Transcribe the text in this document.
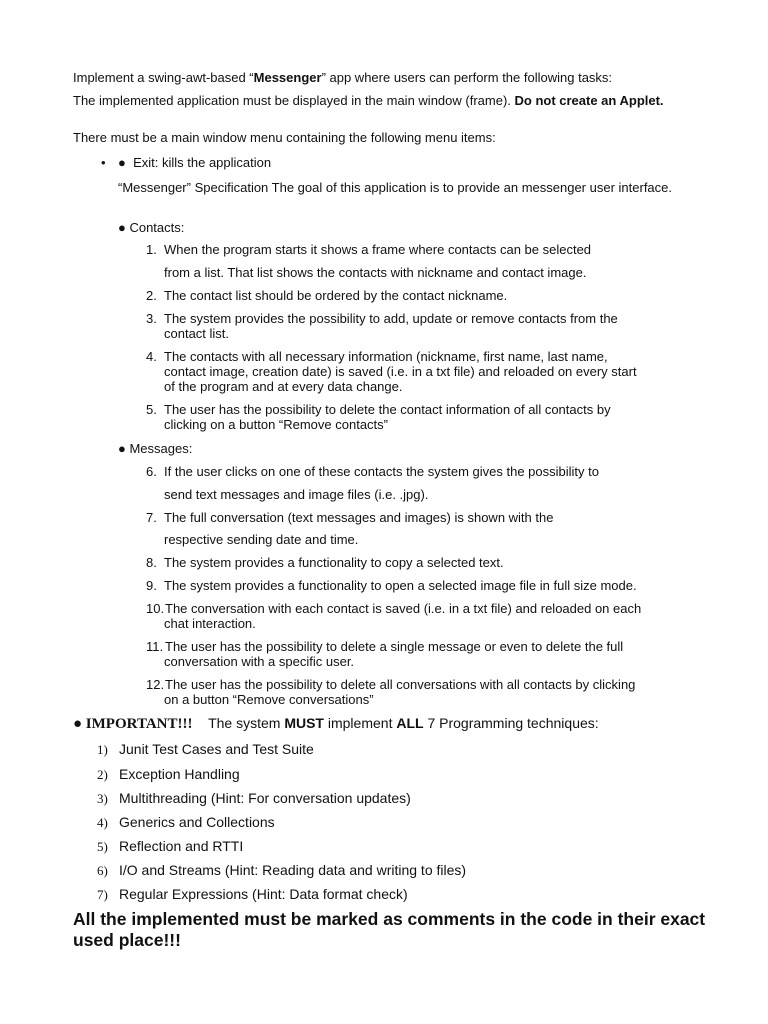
Implement a swing-awt-based “Messenger” app where users can perform the following tasks:
The implemented application must be displayed in the main window (frame). Do not create an Applet.
There must be a main window menu containing the following menu items:
• ● Exit: kills the application
“Messenger” Specification The goal of this application is to provide an messenger user interface.
● Contacts:
1. When the program starts it shows a frame where contacts can be selected
from a list. That list shows the contacts with nickname and contact image.
2. The contact list should be ordered by the contact nickname.
3. The system provides the possibility to add, update or remove contacts from the
contact list.
4. The contacts with all necessary information (nickname, first name, last name,
contact image, creation date) is saved (i.e. in a txt file) and reloaded on every start
of the program and at every data change.
5. The user has the possibility to delete the contact information of all contacts by
clicking on a button “Remove contacts”
● Messages:
6. If the user clicks on one of these contacts the system gives the possibility to
send text messages and image files (i.e. .jpg).
7. The full conversation (text messages and images) is shown with the
respective sending date and time.
8. The system provides a functionality to copy a selected text.
9. The system provides a functionality to open a selected image file in full size mode.
10. The conversation with each contact is saved (i.e. in a txt file) and reloaded on each
chat interaction.
11. The user has the possibility to delete a single message or even to delete the full
conversation with a specific user.
12. The user has the possibility to delete all conversations with all contacts by clicking
on a button “Remove conversations”
● IMPORTANT!!! The system MUST implement ALL 7 Programming techniques:
1) Junit Test Cases and Test Suite
2) Exception Handling
3) Multithreading (Hint: For conversation updates)
4) Generics and Collections
5) Reflection and RTTI
6) I/O and Streams (Hint: Reading data and writing to files)
7) Regular Expressions (Hint: Data format check)
All the implemented must be marked as comments in the code in their exact used place!!!
